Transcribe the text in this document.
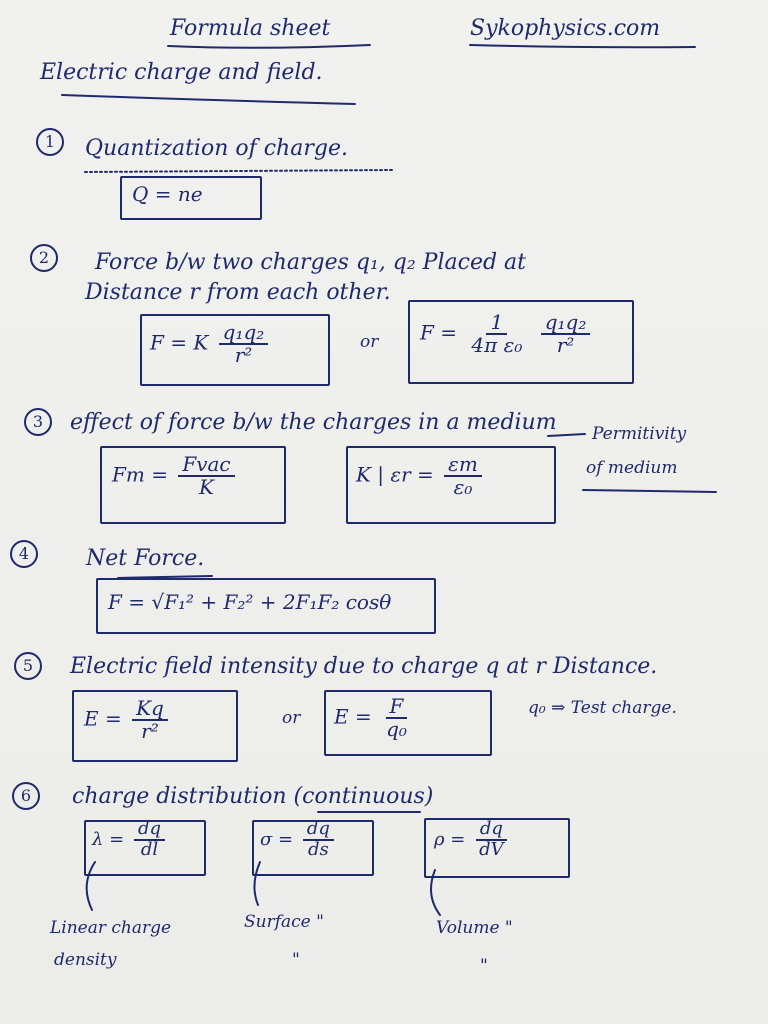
Formula sheet	Sykophysics.com
Electric charge and field.
1	Quantization of charge.
Q = ne
2	Force b/w two charges q₁, q₂ Placed at
Distance r from each other.
F = K $\frac{\text{q₁q₂}}{\text{r²}}$	or $F = \frac{1}{\text{4π ε₀}}$
$\frac{\text{q₁q₂}}{\text{r²}}$
3	effect of force b/w the charges in a medium
$Fm = \frac{\text{Fvac}}{K}$	K | $\varepsilon r = \frac{\varepsilon m}{\text{ε₀}}$
Permitivity
of medium
4	Net Force.
F = √F₁² + F₂² + 2F₁F₂ cosθ
5	Electric field intensity due to charge q at r Distance.
$E = \frac{Kq}{\text{r²}}$	or $E = \frac{F}{\text{q₀}}$	q₀ ⇒ Test charge.
6	charge distribution (continuous)
$\lambda = \frac{dq}{dl}$	$\sigma = \frac{dq}{ds}$	$\rho = \frac{dq}{dV}$
Linear charge
density
Surface "
"
Volume "
"
